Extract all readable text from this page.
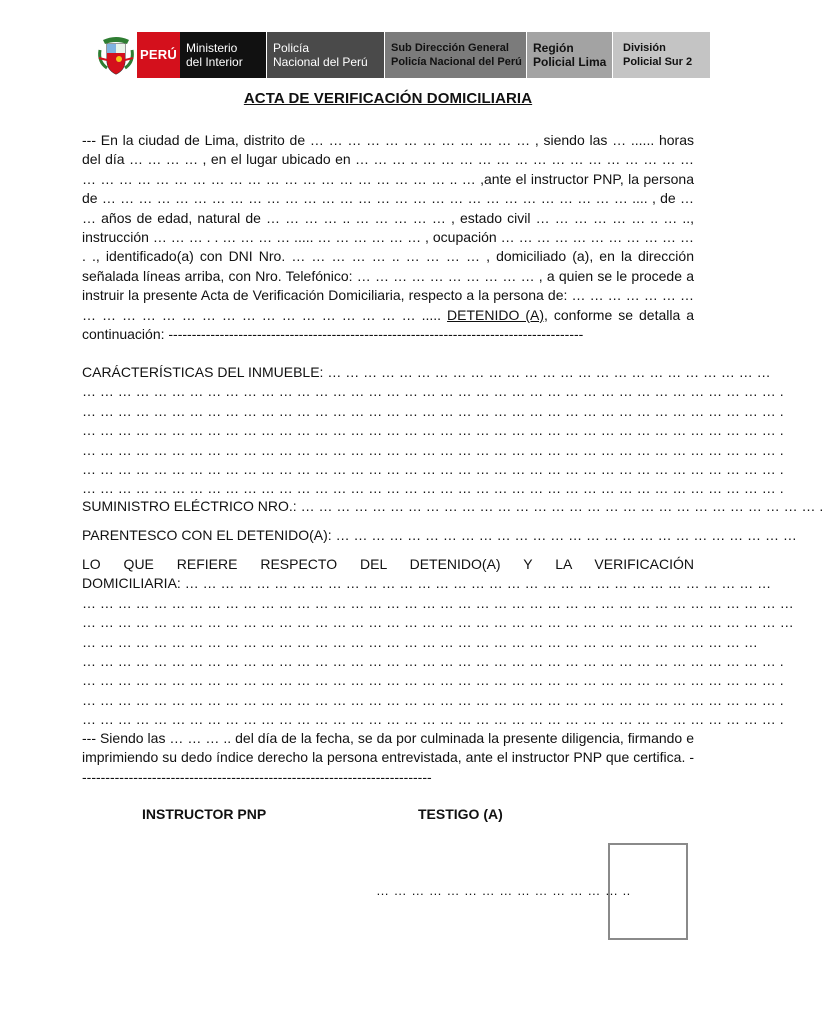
PERÚ Ministerio
del Interior
Policía
Nacional del Perú
Sub Dirección General
Policía Nacional del Perú
Región
Policial Lima
División
Policial Sur 2
ACTA DE VERIFICACIÓN DOMICILIARIA
--- En la ciudad de Lima, distrito de … … … … … … … … … … … … , siendo las … ...... horas del día … … … … , en el lugar ubicado en … … … .. … … … … … … … … … … … … … … … … … … … … … … … … … … … … … … … … … … … .. … ,ante el instructor PNP, la persona de … … … … … … … … … … … … … … … … … … … … … … … … … … … … … .... , de … … años de edad, natural de … … … … .. … … … … … , estado civil … … … … … … .. … .., instrucción … … … . . … … … … ..... … … … … … … , ocupación … … … … … … … … … … … . ., identificado(a) con DNI Nro. … … … … … .. … … … … , domiciliado (a), en la dirección señalada líneas arriba, con Nro. Telefónico: … … … … … … … … … … , a quien se le procede a instruir la presente Acta de Verificación Domiciliaria, respecto a la persona de: … … … … … … … … … … … … … … … … … … … … … … … … ..... DETENIDO (A), conforme se detalla a continuación: -----------------------------------------------------------------------------------------
CARÁCTERÍSTICAS DEL INMUEBLE: … … … … … … … … … … … … … … … … … … … … … … … … …
… … … … … … … … … … … … … … … … … … … … … … … … … … … … … … … … … … … … … … … .
… … … … … … … … … … … … … … … … … … … … … … … … … … … … … … … … … … … … … … … .
… … … … … … … … … … … … … … … … … … … … … … … … … … … … … … … … … … … … … … … .
… … … … … … … … … … … … … … … … … … … … … … … … … … … … … … … … … … … … … … … .
… … … … … … … … … … … … … … … … … … … … … … … … … … … … … … … … … … … … … … … .
… … … … … … … … … … … … … … … … … … … … … … … … … … … … … … … … … … … … … … … .
SUMINISTRO ELÉCTRICO NRO.: … … … … … … … … … … … … … … … … … … … … … … … … … … … … … .
PARENTESCO CON EL DETENIDO(A): … … … … … … … … … … … … … … … … … … … … … … … … … …
LO QUE REFIERE RESPECTO DEL DETENIDO(A) Y LA VERIFICACIÓN
DOMICILIARIA: … … … … … … … … … … … … … … … … … … … … … … … … … … … … … … … … …
… … … … … … … … … … … … … … … … … … … … … … … … … … … … … … … … … … … … … … … …
… … … … … … … … … … … … … … … … … … … … … … … … … … … … … … … … … … … … … … … …
… … … … … … … … … … … … … … … … … … … … … … … … … … … … … … … … … … … … … …
… … … … … … … … … … … … … … … … … … … … … … … … … … … … … … … … … … … … … … … .
… … … … … … … … … … … … … … … … … … … … … … … … … … … … … … … … … … … … … … … .
… … … … … … … … … … … … … … … … … … … … … … … … … … … … … … … … … … … … … … … .
… … … … … … … … … … … … … … … … … … … … … … … … … … … … … … … … … … … … … … … .
--- Siendo las … … … .. del día de la fecha, se da por culminada la presente diligencia, firmando e imprimiendo su dedo índice derecho la persona entrevistada, ante el instructor PNP que certifica. ----------------------------------------------------------------------------
INSTRUCTOR PNP	TESTIGO (A)
… … … … … … … … … … … … … … ..
